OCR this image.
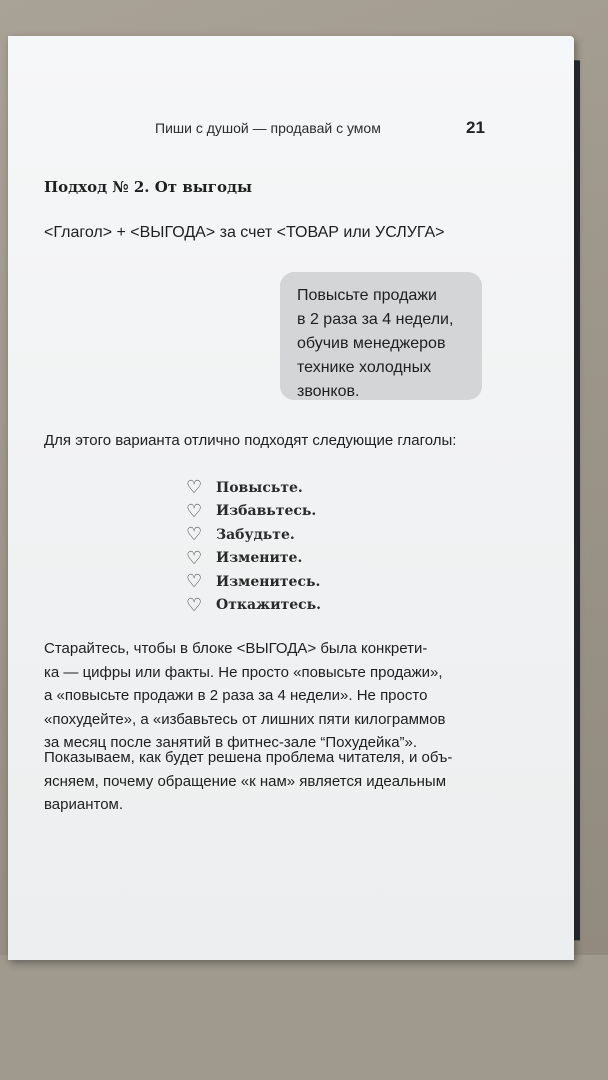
Пиши с душой — продавай с умом	21
Подход № 2. От выгоды
<Глагол> + <ВЫГОДА> за счет <ТОВАР или УСЛУГА>
Повысьте продажи
в 2 раза за 4 недели,
обучив менеджеров
технике холодных
звонков.
Для этого варианта отлично подходят следующие глаголы:
♡ Повысьте.
♡ Избавьтесь.
♡ Забудьте.
♡ Измените.
♡ Изменитесь.
♡ Откажитесь.
Старайтесь, чтобы в блоке <ВЫГОДА> была конкрети-
ка — цифры или факты. Не просто «повысьте продажи»,
а «повысьте продажи в 2 раза за 4 недели». Не просто
«похудейте», а «избавьтесь от лишних пяти килограммов
за месяц после занятий в фитнес-зале “Похудейка”».
Показываем, как будет решена проблема читателя, и объ-
ясняем, почему обращение «к нам» является идеальным
вариантом.
